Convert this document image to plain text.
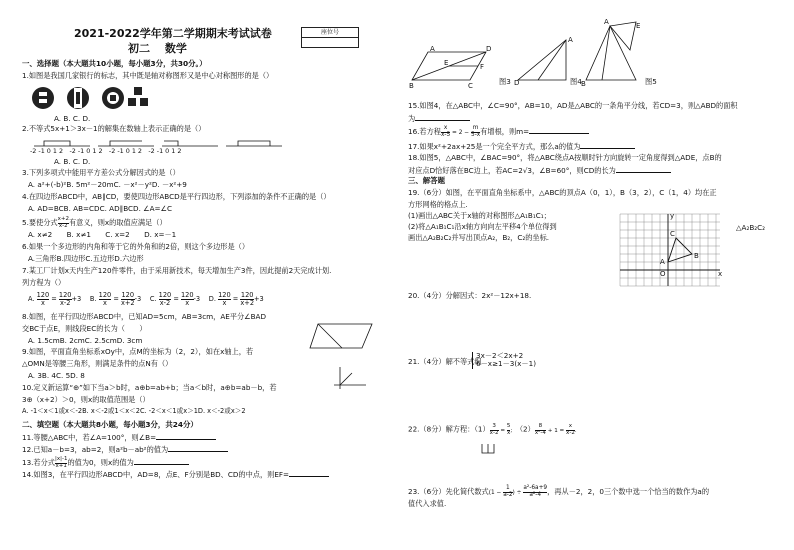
2021-2022学年第二学期期末考试试卷
初二　 数学
座位号
一、选择题（本大题共10小题，每小题3分，共30分。）
1.如图是我国几家银行的标志，其中既是轴对称图形又是中心对称图形的是（）
A. B. C. D.
2.不等式5x+1＞3x－1的解集在数轴上表示正确的是（）
-2 -1 0 1 2　-2 -1 0 1 2　-2 -1 0 1 2　-2 -1 0 1 2
A. B. C. D.
3.下列多项式中能用平方差公式分解因式的是（）
A. a²+(-b)²B. 5m²－20mC. －x²－y²D. －x²+9
4.在四边形ABCD中，AB∥CD，要使四边形ABCD是平行四边形，下列添加的条件不正确的是（）
A. AD=BCB. AB=CDC. AD∥BCD. ∠A=∠C
5.要使分式 $\frac{x+2}{x-2}$ 有意义，则x的取值应满足（）
A. x≠2　　B. x≠1　　C. x=2　　D. x=－1
6.如果一个多边形的内角和等于它的外角和的2倍，则这个多边形是（）
A.三角形B.四边形C.五边形D.六边形
7.某工厂计划x天内生产120件零件，由于采用新技术，每天增加生产3件，因此提前2天完成计划.
列方程为（）
A. $\frac{120}{x} = \frac{120}{x-2} +3$　 B. $\frac{120}{x} = \frac{120}{x+2} -3$　 C. $\frac{120}{x-2} = \frac{120}{x} -3$　 D. $\frac{120}{x} = \frac{120}{x+2} +3$
8.如图，在平行四边形ABCD中，已知AD=5cm，AB=3cm，AE平分∠BAD
交BC于点E，则线段EC的长为（　　）
A. 1.5cmB. 2cmC. 2.5cmD. 3cm
9.如图，平面直角坐标系xOy中，点M的坐标为（2，2），如在x轴上，若
△OMN是等腰三角形，则满足条件的点N有（）
A. 3B. 4C. 5D. 8
10.定义新运算“⊕”如下当a＞b时，a⊕b=ab+b；当a＜b时，a⊕b=ab－b，若
3⊕（x+2）＞0，则x的取值范围是（）
A. -1＜x＜1或x＜-2B. x＜-2或1＜x＜2C. -2＜x＜1或x＞1D. x＜-2或x＞2
二、填空题（本大题共8小题，每小题3分，共24分）
11.等腰△ABC中，若∠A=100°，则∠B=
12.已知a－b=3，ab=2，则a²b－ab²的值为
13.若分式 $\frac{|x|-1}{x+1}$ 的值为0，则x的值为
14.如图3，在平行四边形ABCD中，AD=8，点E、F分别是BD、CD的中点，则EF=
A
B	C
D
E	F
图3
A
D	图4 B
A	E
图5
15.如图4，在△ABC中，∠C=90°，AB=10，AD是△ABC的一条角平分线，若CD=3，则△ABD的面积
为
16.若方程 $\frac{x}{x-5} = 2 - \frac{m}{5-x}$ 有增根，则m=
17.如果x²+2ax+25是一个完全平方式，那么a的值为
18.如图5，△ABC中，∠BAC=90°，将△ABC绕点A按顺时针方向旋转一定角度得到△ADE，点B的
对应点D恰好落在BC边上，若AC=2√3，∠B=60°，则CD的长为
三、解答题
19.（6分）如图，在平面直角坐标系中，△ABC的顶点A（0，1），B（3，2），C（1，4）均在正
方形网格的格点上.
(1)画出△ABC关于x轴的对称图形△A₁B₁C₁；
(2)将△A₁B₁C₁沿x轴方向向左平移4个单位得到
画出△A₂B₂C₂并写出顶点A₂，B₂，C₂的坐标.
△A₂B₂C₂
C
B
A
O	x
y
20.（4分）分解因式：2x²－12x+18.
21.（4分）解不等式组
3x－2＜2x+2
6－x≥1－3(x－1)
22.（8分）解方程：$(1) \frac{3}{x-2} = \frac{5}{x}$ ;　 $(2) \frac{8}{\text{x²-4}} + 1 = \frac{x}{x-2}$ .
23.（6分）先化简代数式($1 - \frac{1}{a-2}$ ) ÷ $\frac{\text{a²-6a+9}}{\text{a²-4}}$ ，再从－2，2，0三个数中选一个恰当的数作为a的
值代入求值.
